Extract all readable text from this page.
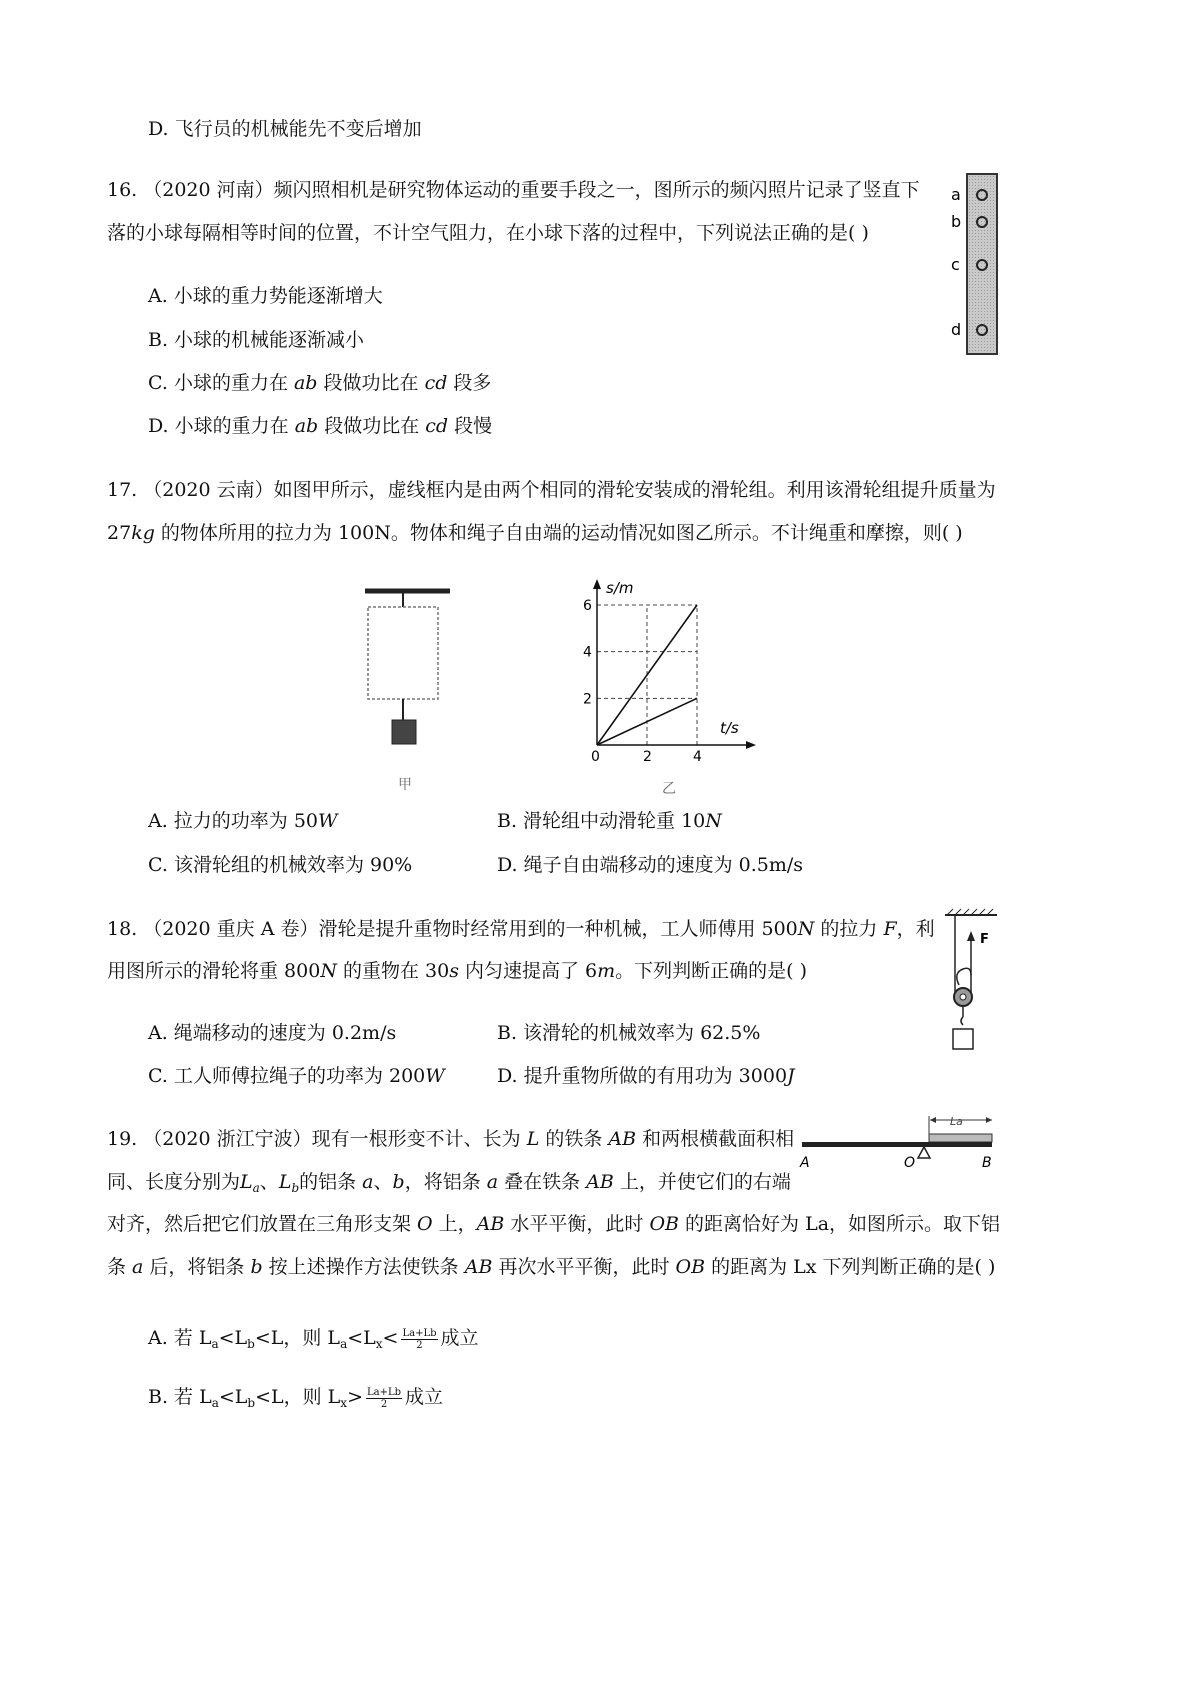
D. 飞行员的机械能先不变后增加
16. （2020 河南）频闪照相机是研究物体运动的重要手段之一，图所示的频闪照片记录了竖直下
落的小球每隔相等时间的位置，不计空气阻力，在小球下落的过程中，下列说法正确的是( )
A. 小球的重力势能逐渐增大
B. 小球的机械能逐渐减小
C. 小球的重力在 ab 段做功比在 cd 段多
D. 小球的重力在 ab 段做功比在 cd 段慢
a
b
c
d
17. （2020 云南）如图甲所示，虚线框内是由两个相同的滑轮安装成的滑轮组。利用该滑轮组提升质量为
27kg 的物体所用的拉力为 100N。物体和绳子自由端的运动情况如图乙所示。不计绳重和摩擦，则( )
甲
s/m
t/s
2
4
6
0	2	4
乙
A. 拉力的功率为 50W	B. 滑轮组中动滑轮重 10N
C. 该滑轮组的机械效率为 90%	D. 绳子自由端移动的速度为 0.5m/s
18. （2020 重庆 A 卷）滑轮是提升重物时经常用到的一种机械，工人师傅用 500N 的拉力 F，利
用图所示的滑轮将重 800N 的重物在 30s 内匀速提高了 6m。下列判断正确的是( )
F
A. 绳端移动的速度为 0.2m/s	B. 该滑轮的机械效率为 62.5%
C. 工人师傅拉绳子的功率为 200W	D. 提升重物所做的有用功为 3000J
19. （2020 浙江宁波）现有一根形变不计、长为 L 的铁条 AB 和两根横截面积相
同、长度分别为$L_a$、$L_b$的铝条 a、b，将铝条 a 叠在铁条 AB 上，并使它们的右端
对齐，然后把它们放置在三角形支架 O 上，AB 水平平衡，此时 OB 的距离恰好为 La，如图所示。取下铝
条 a 后，将铝条 b 按上述操作方法使铁条 AB 再次水平平衡，此时 OB 的距离为 Lx 下列判断正确的是( )
La
A	O	B
A. 若 $L_a<L_b<L$，则 $L_a<L_x< \frac{La+Lb}{2}$ 成立
B. 若 $L_a<L_b<L$，则 $L_x> \frac{La+Lb}{2}$ 成立
